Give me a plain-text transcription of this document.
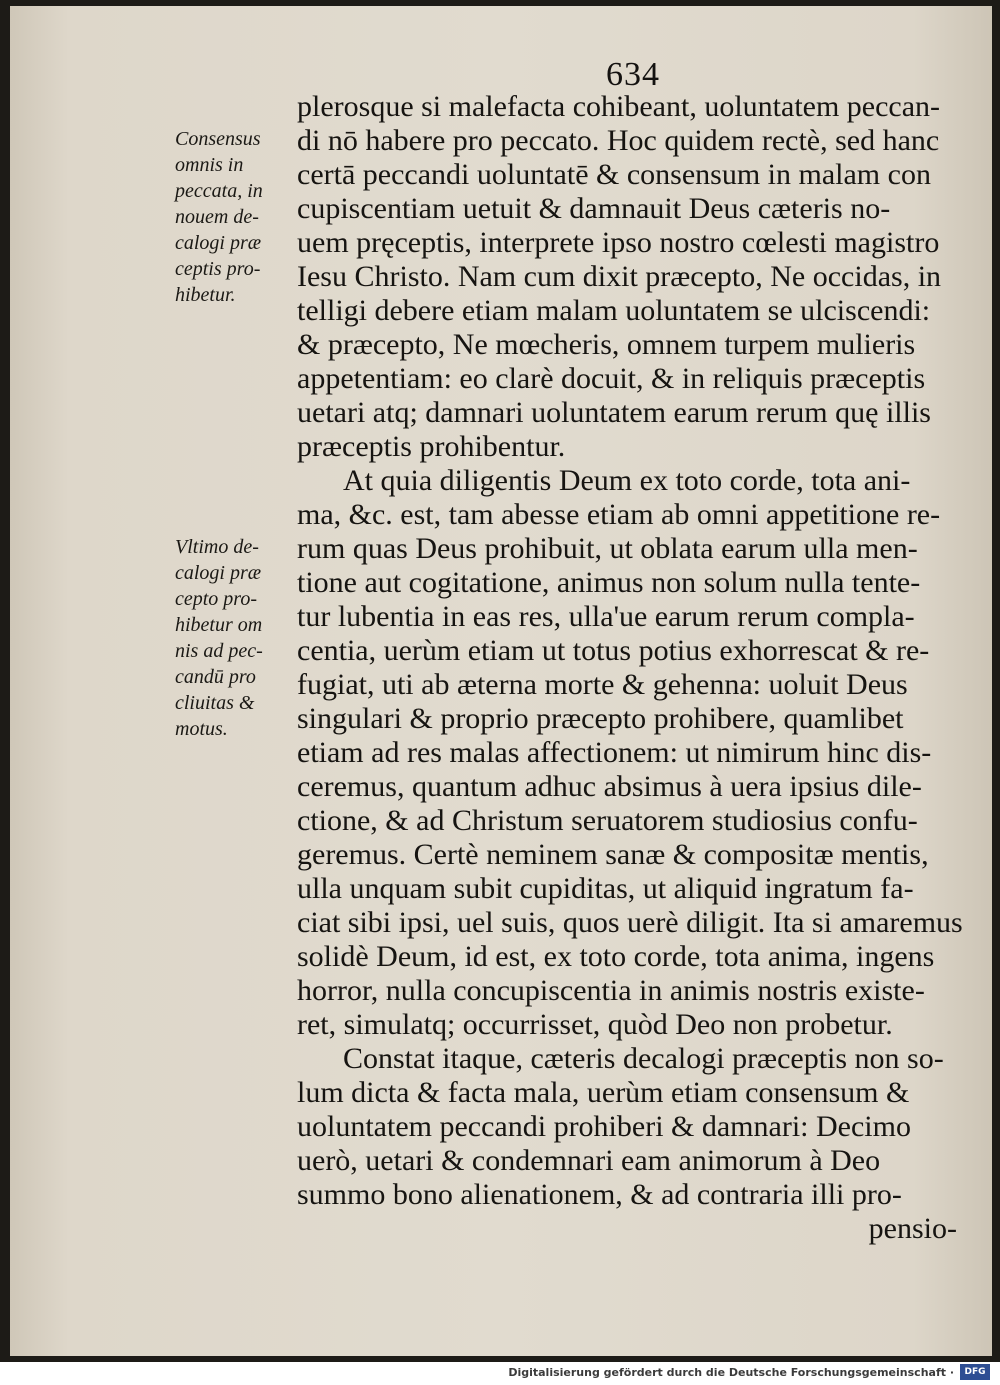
634
plerosque si malefacta cohibeant, uoluntatem peccan-
di nō habere pro peccato. Hoc quidem rectè, sed hanc
certā peccandi uoluntatē & consensum in malam con
cupiscentiam uetuit & damnauit Deus cæteris no-
uem pręceptis, interprete ipso nostro cœlesti magistro
Iesu Christo. Nam cum dixit præcepto, Ne occidas, in
telligi debere etiam malam uoluntatem se ulciscendi:
& præcepto, Ne mœcheris, omnem turpem mulieris
appetentiam: eo clarè docuit, & in reliquis præceptis
uetari atq; damnari uoluntatem earum rerum quę illis
præceptis prohibentur.
At quia diligentis Deum ex toto corde, tota ani-
ma, &c. est, tam abesse etiam ab omni appetitione re-
rum quas Deus prohibuit, ut oblata earum ulla men-
tione aut cogitatione, animus non solum nulla tente-
tur lubentia in eas res, ulla'ue earum rerum compla-
centia, uerùm etiam ut totus potius exhorrescat & re-
fugiat, uti ab æterna morte & gehenna: uoluit Deus
singulari & proprio præcepto prohibere, quamlibet
etiam ad res malas affectionem: ut nimirum hinc dis-
ceremus, quantum adhuc absimus à uera ipsius dile-
ctione, & ad Christum seruatorem studiosius confu-
geremus. Certè neminem sanæ & compositæ mentis,
ulla unquam subit cupiditas, ut aliquid ingratum fa-
ciat sibi ipsi, uel suis, quos uerè diligit. Ita si amaremus
solidè Deum, id est, ex toto corde, tota anima, ingens
horror, nulla concupiscentia in animis nostris existe-
ret, simulatq; occurrisset, quòd Deo non probetur.
Constat itaque, cæteris decalogi præceptis non so-
lum dicta & facta mala, uerùm etiam consensum &
uoluntatem peccandi prohiberi & damnari: Decimo
uerò, uetari & condemnari eam animorum à Deo
summo bono alienationem, & ad contraria illi pro-
pensio-
Consensus
omnis in
peccata, in
nouem de-
calogi præ
ceptis pro-
hibetur.
Vltimo de-
calogi præ
cepto pro-
hibetur om
nis ad pec-
candū pro
cliuitas &
motus.
Digitalisierung gefördert durch die Deutsche Forschungsgemeinschaft ·	DFG
